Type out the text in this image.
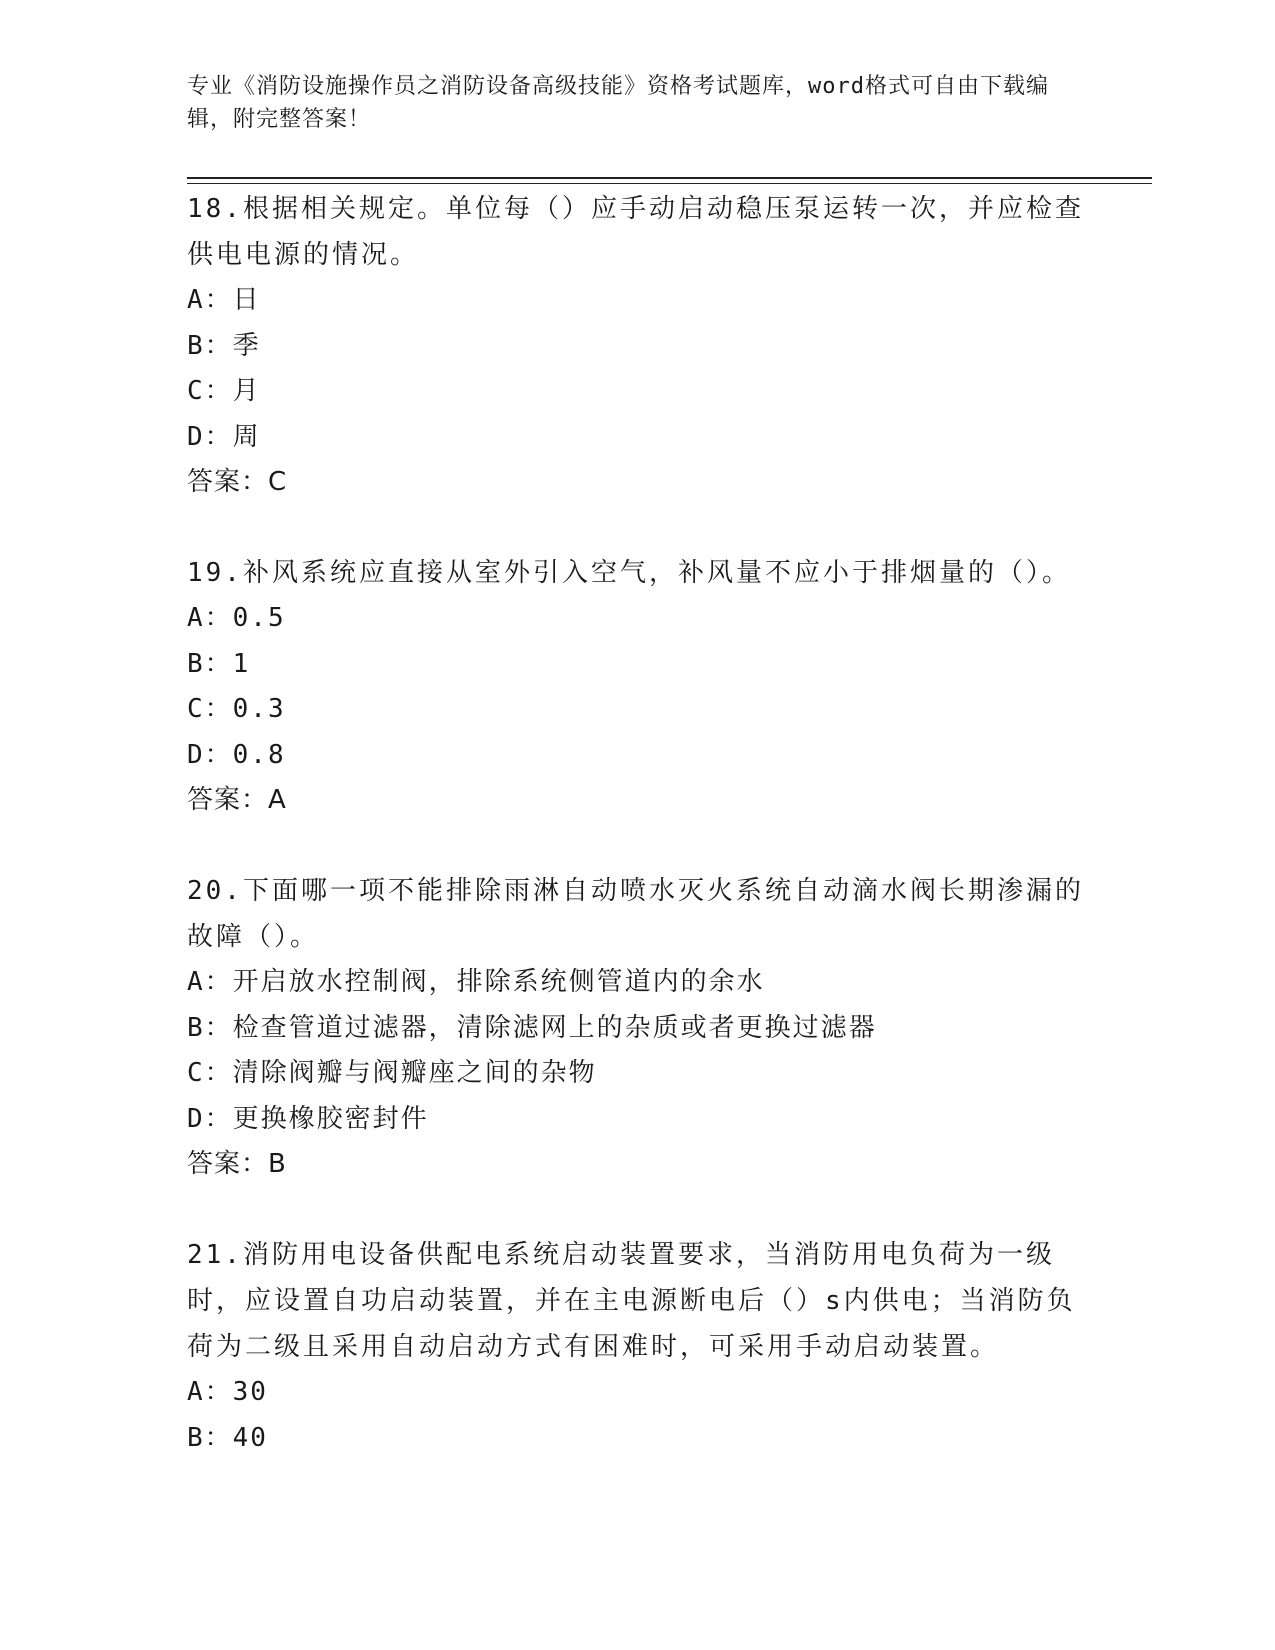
专业《消防设施操作员之消防设备高级技能》资格考试题库，word格式可自由下载编辑，附完整答案！
18.根据相关规定。单位每（）应手动启动稳压泵运转一次，并应检查供电电源的情况。
A：日
B：季
C：月
D：周
答案：C
19.补风系统应直接从室外引入空气，补风量不应小于排烟量的（）。
A：0.5
B：1
C：0.3
D：0.8
答案：A
20.下面哪一项不能排除雨淋自动喷水灭火系统自动滴水阀长期渗漏的故障（）。
A：开启放水控制阀，排除系统侧管道内的余水
B：检查管道过滤器，清除滤网上的杂质或者更换过滤器
C：清除阀瓣与阀瓣座之间的杂物
D：更换橡胶密封件
答案：B
21.消防用电设备供配电系统启动装置要求，当消防用电负荷为一级时，应设置自功启动装置，并在主电源断电后（）s内供电；当消防负荷为二级且采用自动启动方式有困难时，可采用手动启动装置。
A：30
B：40
